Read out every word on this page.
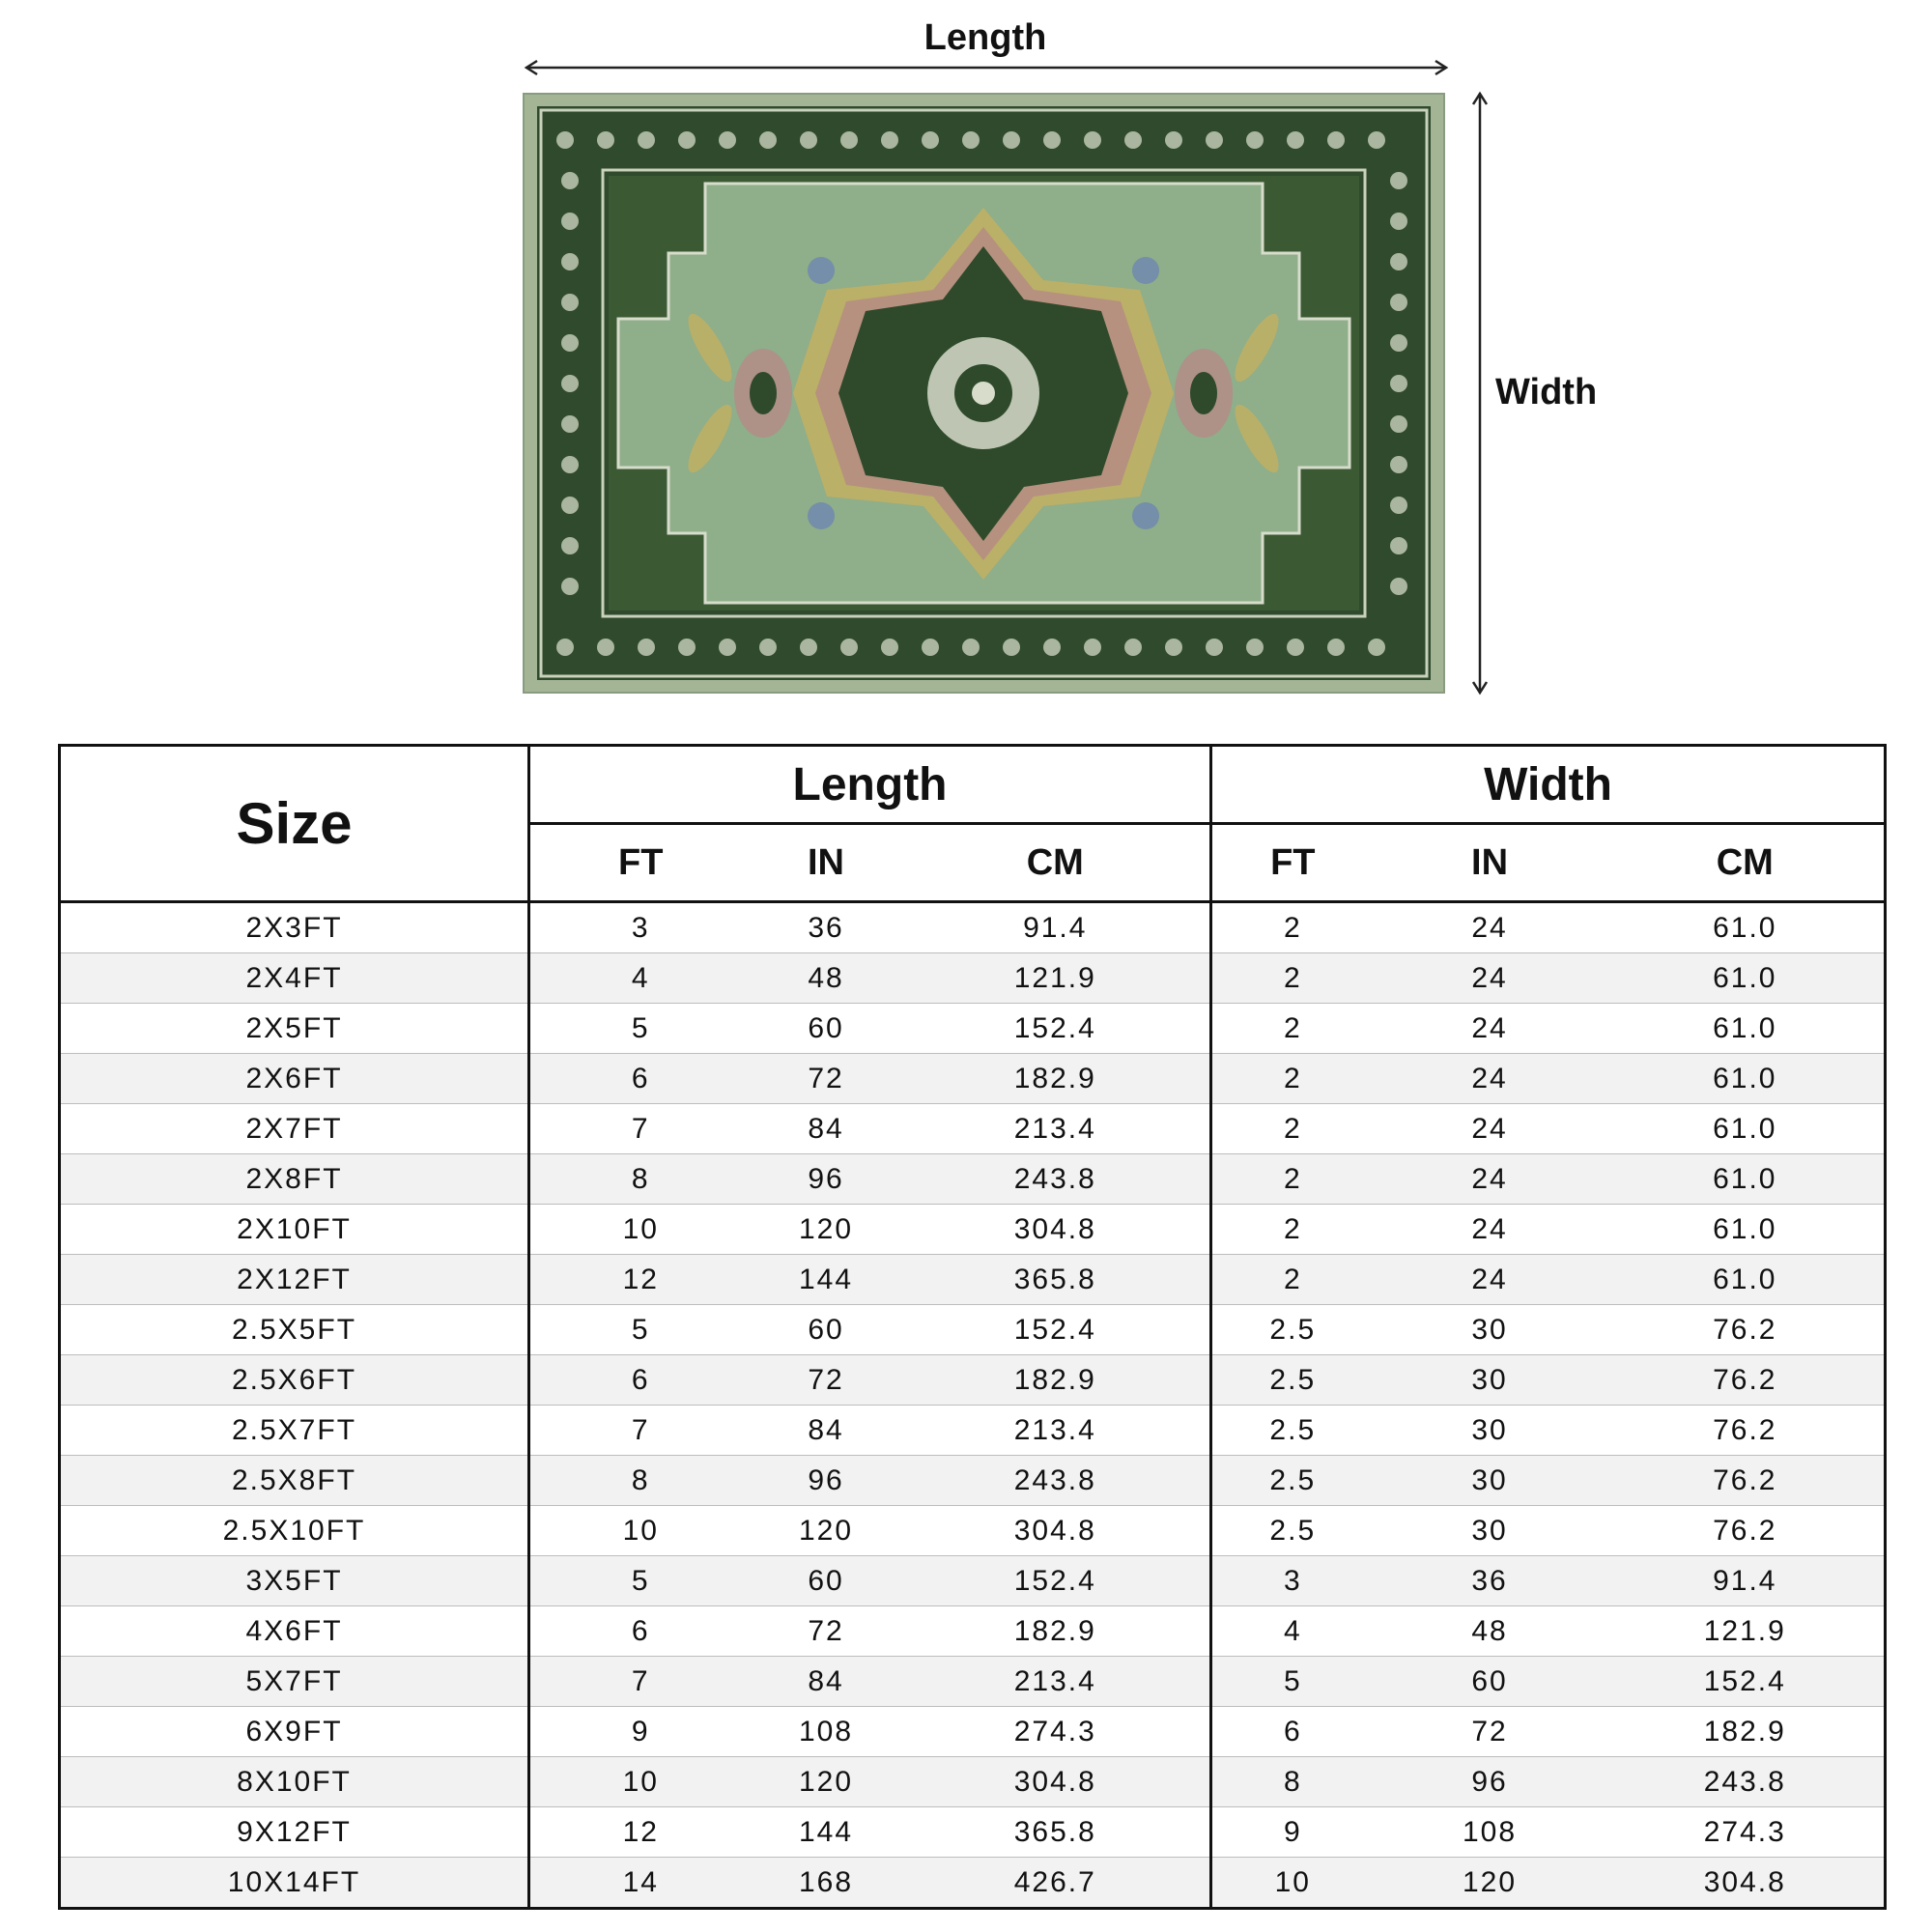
Length
Width
Size	Length			Width		
	FT	IN	CM	FT	IN	CM
2X3FT	3	36	91.4	2	24	61.0
2X4FT	4	48	121.9	2	24	61.0
2X5FT	5	60	152.4	2	24	61.0
2X6FT	6	72	182.9	2	24	61.0
2X7FT	7	84	213.4	2	24	61.0
2X8FT	8	96	243.8	2	24	61.0
2X10FT	10	120	304.8	2	24	61.0
2X12FT	12	144	365.8	2	24	61.0
2.5X5FT	5	60	152.4	2.5	30	76.2
2.5X6FT	6	72	182.9	2.5	30	76.2
2.5X7FT	7	84	213.4	2.5	30	76.2
2.5X8FT	8	96	243.8	2.5	30	76.2
2.5X10FT	10	120	304.8	2.5	30	76.2
3X5FT	5	60	152.4	3	36	91.4
4X6FT	6	72	182.9	4	48	121.9
5X7FT	7	84	213.4	5	60	152.4
6X9FT	9	108	274.3	6	72	182.9
8X10FT	10	120	304.8	8	96	243.8
9X12FT	12	144	365.8	9	108	274.3
10X14FT	14	168	426.7	10	120	304.8
